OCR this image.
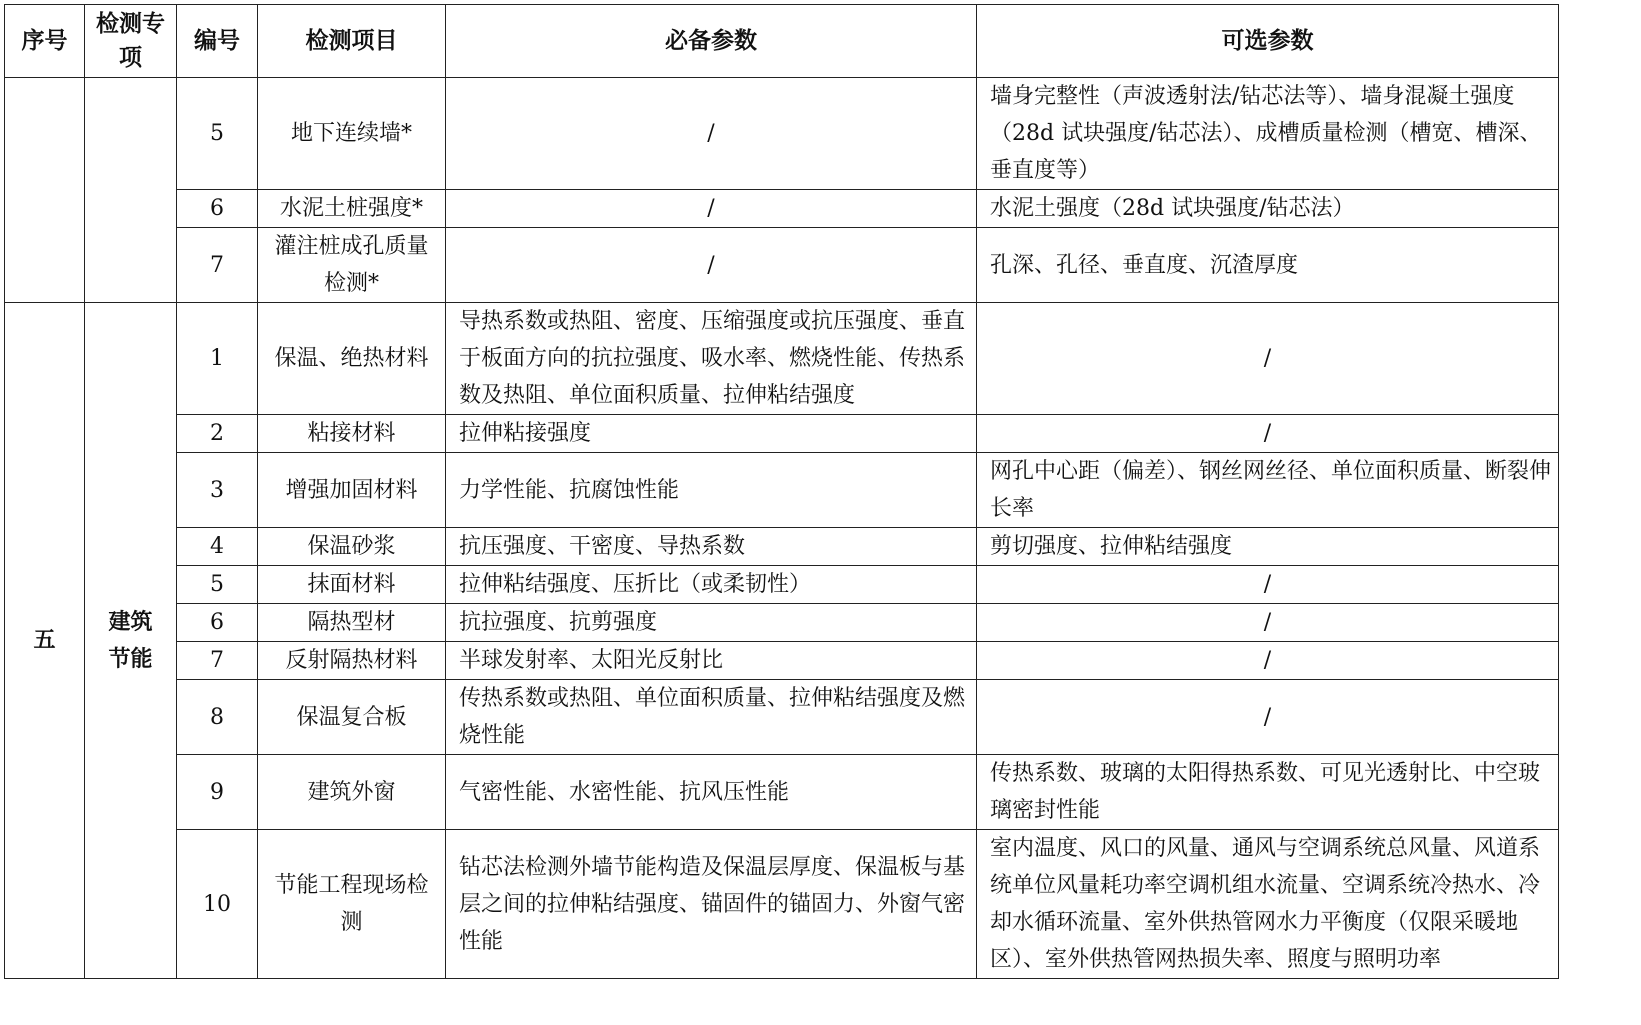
序号	检测专项	编号	检测项目	必备参数	可选参数
		5	地下连续墙*	/	墙身完整性（声波透射法/钻芯法等）、墙身混凝土强度（28d 试块强度/钻芯法）、成槽质量检测（槽宽、槽深、垂直度等）
		6	水泥土桩强度*	/	水泥土强度（28d 试块强度/钻芯法）
		7	灌注桩成孔质量检测*	/	孔深、孔径、垂直度、沉渣厚度
五	建筑节能	1	保温、绝热材料	导热系数或热阻、密度、压缩强度或抗压强度、垂直于板面方向的抗拉强度、吸水率、燃烧性能、传热系数及热阻、单位面积质量、拉伸粘结强度	/
		2	粘接材料	拉伸粘接强度	/
		3	增强加固材料	力学性能、抗腐蚀性能	网孔中心距（偏差）、钢丝网丝径、单位面积质量、断裂伸长率
		4	保温砂浆	抗压强度、干密度、导热系数	剪切强度、拉伸粘结强度
		5	抹面材料	拉伸粘结强度、压折比（或柔韧性）	/
		6	隔热型材	抗拉强度、抗剪强度	/
		7	反射隔热材料	半球发射率、太阳光反射比	/
		8	保温复合板	传热系数或热阻、单位面积质量、拉伸粘结强度及燃烧性能	/
		9	建筑外窗	气密性能、水密性能、抗风压性能	传热系数、玻璃的太阳得热系数、可见光透射比、中空玻璃密封性能
		10	节能工程现场检测	钻芯法检测外墙节能构造及保温层厚度、保温板与基层之间的拉伸粘结强度、锚固件的锚固力、外窗气密性能	室内温度、风口的风量、通风与空调系统总风量、风道系统单位风量耗功率空调机组水流量、空调系统冷热水、冷却水循环流量、室外供热管网水力平衡度（仅限采暖地区）、室外供热管网热损失率、照度与照明功率
